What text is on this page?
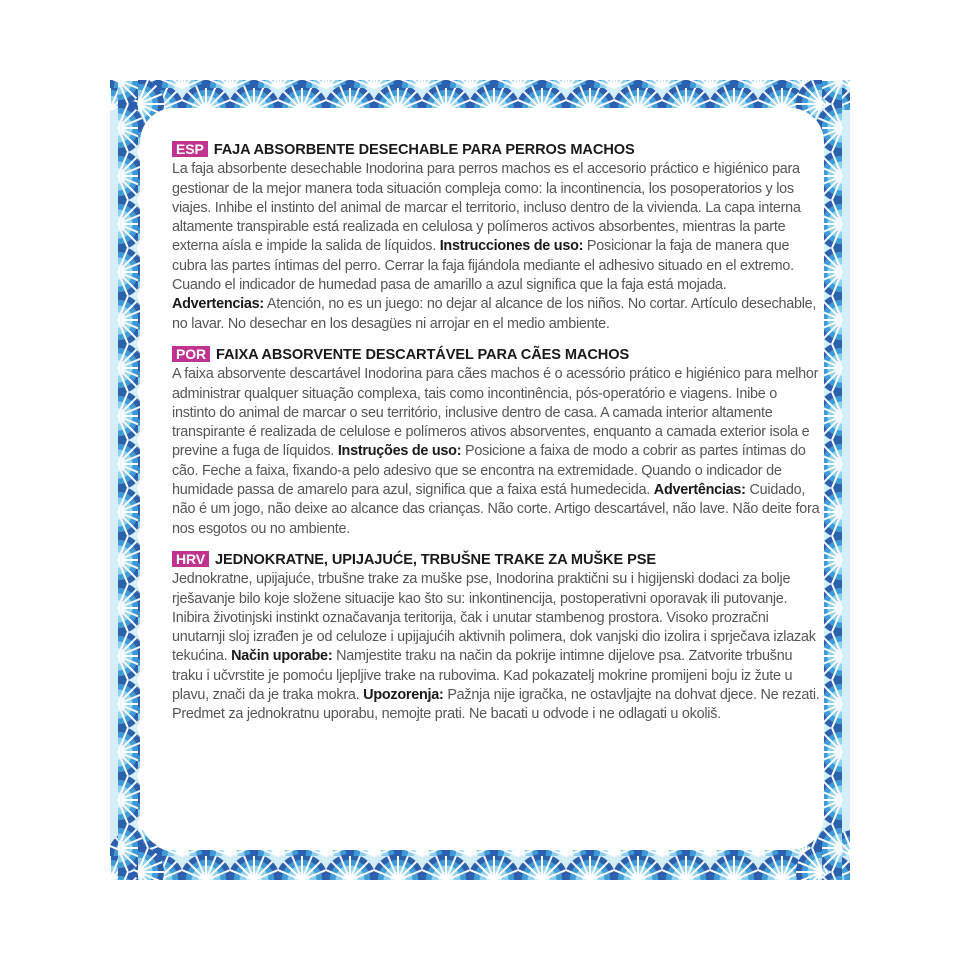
ESP FAJA ABSORBENTE DESECHABLE PARA PERROS MACHOS

La faja absorbente desechable Inodorina para perros machos es el accesorio práctico e higiénico para gestionar de la mejor manera toda situación compleja como: la incontinencia, los posoperatorios y los viajes. Inhibe el instinto del animal de marcar el territorio, incluso dentro de la vivienda. La capa interna altamente transpirable está realizada en celulosa y polímeros activos absorbentes, mientras la parte externa aísla e impide la salida de líquidos. Instrucciones de uso: Posicionar la faja de manera que cubra las partes íntimas del perro. Cerrar la faja fijándola mediante el adhesivo situado en el extremo. Cuando el indicador de humedad pasa de amarillo a azul significa que la faja está mojada. Advertencias: Atención, no es un juego: no dejar al alcance de los niños. No cortar. Artículo desechable, no lavar. No desechar en los desagües ni arrojar en el medio ambiente.

POR FAIXA ABSORVENTE DESCARTÁVEL PARA CÃES MACHOS

A faixa absorvente descartável Inodorina para cães machos é o acessório prático e higiénico para melhor administrar qualquer situação complexa, tais como incontinência, pós-operatório e viagens. Inibe o instinto do animal de marcar o seu território, inclusive dentro de casa. A camada interior altamente transpirante é realizada de celulose e polímeros ativos absorventes, enquanto a camada exterior isola e previne a fuga de líquidos. Instruções de uso: Posicione a faixa de modo a cobrir as partes íntimas do cão. Feche a faixa, fixando-a pelo adesivo que se encontra na extremidade. Quando o indicador de humidade passa de amarelo para azul, significa que a faixa está humedecida. Advertências: Cuidado, não é um jogo, não deixe ao alcance das crianças. Não corte. Artigo descartável, não lave. Não deite fora nos esgotos ou no ambiente.

HRV JEDNOKRATNE, UPIJAJUĆE, TRBUŠNE TRAKE ZA MUŠKE PSE

Jednokratne, upijajuće, trbušne trake za muške pse, Inodorina praktični su i higijenski dodaci za bolje rješavanje bilo koje složene situacije kao što su: inkontinencija, postoperativni oporavak ili putovanje. Inibira životinjski instinkt označavanja teritorija, čak i unutar stambenog prostora. Visoko prozračni unutarnji sloj izrađen je od celuloze i upijajućih aktivnih polimera, dok vanjski dio izolira i sprječava izlazak tekućina. Način uporabe: Namjestite traku na način da pokrije intimne dijelove psa. Zatvorite trbušnu traku i učvrstite je pomoću ljepljive trake na rubovima. Kad pokazatelj mokrine promijeni boju iz žute u plavu, znači da je traka mokra. Upozorenja: Pažnja nije igračka, ne ostavljajte na dohvat djece. Ne rezati. Predmet za jednokratnu uporabu, nemojte prati. Ne bacati u odvode i ne odlagati u okoliš.
